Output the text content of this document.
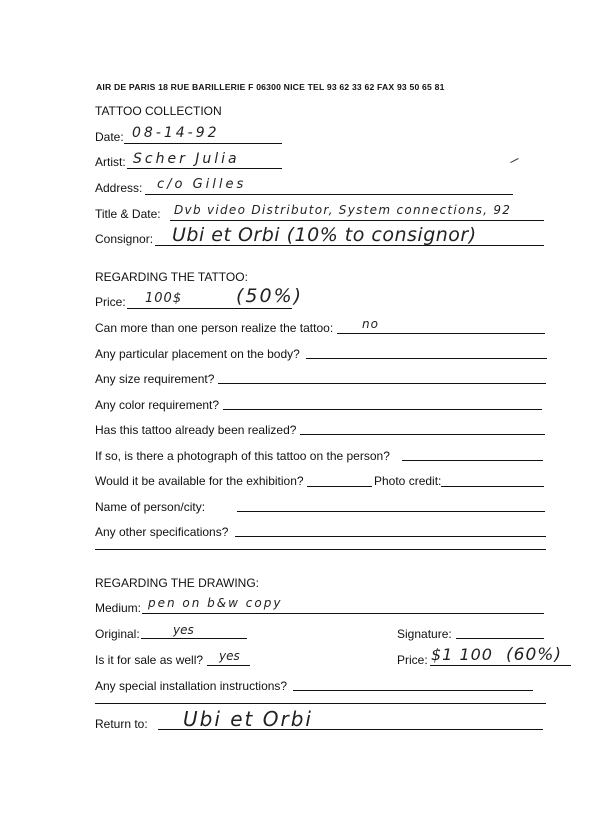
AIR DE PARIS 18 RUE BARILLERIE F 06300 NICE TEL 93 62 33 62 FAX 93 50 65 81
TATTOO COLLECTION
Date: 08-14-92
Artist: Scher Julia
Address: c/o Gilles
Title & Date: Dvb video Distributor, System connections, 92
Consignor: Ubi et Orbi (10% to consignor)
REGARDING THE TATTOO:
Price: 100$	(50%)
Can more than one person realize the tattoo: no
Any particular placement on the body?
Any size requirement?
Any color requirement?
Has this tattoo already been realized?
If so, is there a photograph of this tattoo on the person?
Would it be available for the exhibition?	Photo credit:
Name of person/city:
Any other specifications?
REGARDING THE DRAWING:
Medium: pen on b&w copy
Original:	yes	Signature:
Is it for sale as well? yes	Price: $1 100 (60%)
Any special installation instructions?
Return to: Ubi et Orbi
